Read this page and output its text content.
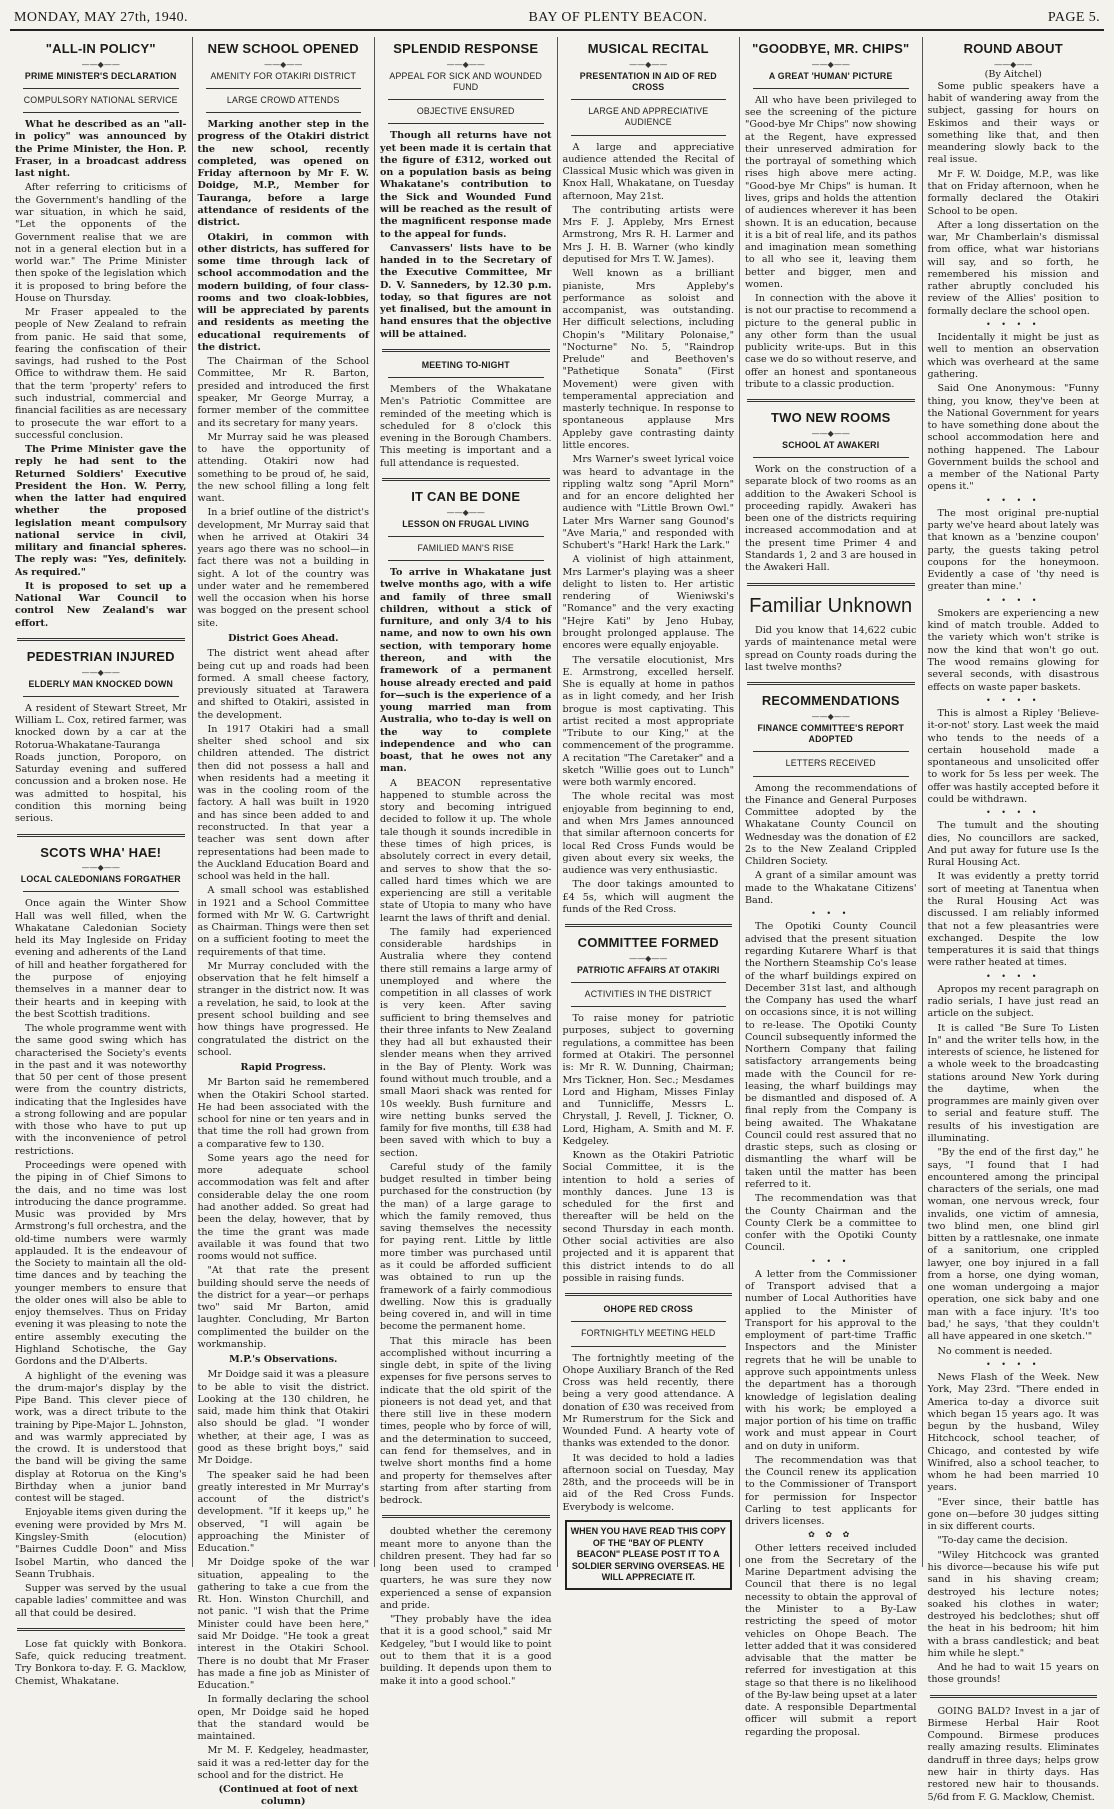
MONDAY, MAY 27th, 1940.	BAY OF PLENTY BEACON.	PAGE 5.
"ALL-IN POLICY"
——◆——
PRIME MINISTER'S DECLARATION
COMPULSORY NATIONAL SERVICE

What he described as an "all-in policy" was announced by the Prime Minister, the Hon. P. Fraser, in a broadcast address last night.

After referring to criticisms of the Government's handling of the war situation, in which he said, "Let the opponents of the Government realise that we are not in a general election but in a world war." The Prime Minister then spoke of the legislation which it is proposed to bring before the House on Thursday.

Mr Fraser appealed to the people of New Zealand to refrain from panic. He said that some, fearing the confiscation of their savings, had rushed to the Post Office to withdraw them. He said that the term 'property' refers to such industrial, commercial and financial facilities as are necessary to prosecute the war effort to a successful conclusion.

The Prime Minister gave the reply he had sent to the Returned Soldiers' Executive President the Hon. W. Perry, when the latter had enquired whether the proposed legislation meant compulsory national service in civil, military and financial spheres. The reply was: "Yes, definitely. As required."

It is proposed to set up a National War Council to control New Zealand's war effort.

PEDESTRIAN INJURED
——◆——
ELDERLY MAN KNOCKED DOWN

A resident of Stewart Street, Mr William L. Cox, retired farmer, was knocked down by a car at the Rotorua-Whakatane-Tauranga Roads junction, Poroporo, on Saturday evening and suffered concussion and a broken nose. He was admitted to hospital, his condition this morning being serious.

SCOTS WHA' HAE!
——◆——
LOCAL CALEDONIANS FORGATHER

Once again the Winter Show Hall was well filled, when the Whakatane Caledonian Society held its May Ingleside on Friday evening and adherents of the Land of hill and heather forgathered for the purpose of enjoying themselves in a manner dear to their hearts and in keeping with the best Scottish traditions.

The whole programme went with the same good swing which has characterised the Society's events in the past and it was noteworthy that 50 per cent of those present were from the country districts, indicating that the Inglesides have a strong following and are popular with those who have to put up with the inconvenience of petrol restrictions.

Proceedings were opened with the piping in of Chief Simons to the dais, and no time was lost introducing the dance programme. Music was provided by Mrs Armstrong's full orchestra, and the old-time numbers were warmly applauded. It is the endeavour of the Society to maintain all the old-time dances and by teaching the younger members to ensure that the older ones will also be able to enjoy themselves. Thus on Friday evening it was pleasing to note the entire assembly executing the Highland Schotische, the Gay Gordons and the D'Alberts.

A highlight of the evening was the drum-major's display by the Pipe Band. This clever piece of work, was a direct tribute to the training by Pipe-Major L. Johnston, and was warmly appreciated by the crowd. It is understood that the band will be giving the same display at Rotorua on the King's Birthday when a junior band contest will be staged.

Enjoyable items given during the evening were provided by Mrs M. Kingsley-Smith (elocution) "Bairnes Cuddle Doon" and Miss Isobel Martin, who danced the Seann Trubhais.

Supper was served by the usual capable ladies' committee and was all that could be desired.

Lose fat quickly with Bonkora. Safe, quick reducing treatment. Try Bonkora to-day. F. G. Macklow, Chemist, Whakatane.

NEW SCHOOL OPENED
——◆——
AMENITY FOR OTAKIRI DISTRICT
LARGE CROWD ATTENDS

Marking another step in the progress of the Otakiri district the new school, recently completed, was opened on Friday afternoon by Mr F. W. Doidge, M.P., Member for Tauranga, before a large attendance of residents of the district.

Otakiri, in common with other districts, has suffered for some time through lack of school accommodation and the modern building, of four class-rooms and two cloak-lobbies, will be appreciated by parents and residents as meeting the educational requirements of the district.

The Chairman of the School Committee, Mr R. Barton, presided and introduced the first speaker, Mr George Murray, a former member of the committee and its secretary for many years.

Mr Murray said he was pleased to have the opportunity of attending. Otakiri now had something to be proud of, he said, the new school filling a long felt want.

In a brief outline of the district's development, Mr Murray said that when he arrived at Otakiri 34 years ago there was no school—in fact there was not a building in sight. A lot of the country was under water and he remembered well the occasion when his horse was bogged on the present school site.

District Goes Ahead.

The district went ahead after being cut up and roads had been formed. A small cheese factory, previously situated at Tarawera and shifted to Otakiri, assisted in the development.

In 1917 Otakiri had a small shelter shed school and six children attended. The district then did not possess a hall and when residents had a meeting it was in the cooling room of the factory. A hall was built in 1920 and has since been added to and reconstructed. In that year a teacher was sent down after representations had been made to the Auckland Education Board and school was held in the hall.

A small school was established in 1921 and a School Committee formed with Mr W. G. Cartwright as Chairman. Things were then set on a sufficient footing to meet the requirements of that time.

Mr Murray concluded with the observation that he felt himself a stranger in the district now. It was a revelation, he said, to look at the present school building and see how things have progressed. He congratulated the district on the school.

Rapid Progress.

Mr Barton said he remembered when the Otakiri School started. He had been associated with the school for nine or ten years and in that time the roll had grown from a comparative few to 130.

Some years ago the need for more adequate school accommodation was felt and after considerable delay the one room had another added. So great had been the delay, however, that by the time the grant was made available it was found that two rooms would not suffice.

"At that rate the present building should serve the needs of the district for a year—or perhaps two" said Mr Barton, amid laughter. Concluding, Mr Barton complimented the builder on the workmanship.

M.P.'s Observations.

Mr Doidge said it was a pleasure to be able to visit the district. Looking at the 130 children, he said, made him think that Otakiri also should be glad. "I wonder whether, at their age, I was as good as these bright boys," said Mr Doidge.

The speaker said he had been greatly interested in Mr Murray's account of the district's development. "If it keeps up," he observed, "I will again be approaching the Minister of Education."

Mr Doidge spoke of the war situation, appealing to the gathering to take a cue from the Rt. Hon. Winston Churchill, and not panic. "I wish that the Prime Minister could have been here," said Mr Doidge. "He took a great interest in the Otakiri School. There is no doubt that Mr Fraser has made a fine job as Minister of Education."

In formally declaring the school open, Mr Doidge said he hoped that the standard would be maintained.

Mr M. F. Kedgeley, headmaster, said it was a red-letter day for the school and for the district. He

(Continued at foot of next column)

SPLENDID RESPONSE
——◆——
APPEAL FOR SICK AND WOUNDED FUND
OBJECTIVE ENSURED

Though all returns have not yet been made it is certain that the figure of £312, worked out on a population basis as being Whakatane's contribution to the Sick and Wounded Fund will be reached as the result of the magnificent response made to the appeal for funds.

Canvassers' lists have to be handed in to the Secretary of the Executive Committee, Mr D. V. Sanneders, by 12.30 p.m. today, so that figures are not yet finalised, but the amount in hand ensures that the objective will be attained.

MEETING TO-NIGHT

Members of the Whakatane Men's Patriotic Committee are reminded of the meeting which is scheduled for 8 o'clock this evening in the Borough Chambers. This meeting is important and a full attendance is requested.

IT CAN BE DONE
——◆——
LESSON ON FRUGAL LIVING
FAMILIED MAN'S RISE

To arrive in Whakatane just twelve months ago, with a wife and family of three small children, without a stick of furniture, and only 3/4 to his name, and now to own his own section, with temporary home thereon, and with the framework of a permanent house already erected and paid for—such is the experience of a young married man from Australia, who to-day is well on the way to complete independence and who can boast, that he owes not any man.

A BEACON representative happened to stumble across the story and becoming intrigued decided to follow it up. The whole tale though it sounds incredible in these times of high prices, is absolutely correct in every detail, and serves to show that the so-called hard times which we are experiencing are still a veritable state of Utopia to many who have learnt the laws of thrift and denial.

The family had experienced considerable hardships in Australia where they contend there still remains a large army of unemployed and where the competition in all classes of work is very keen. After saving sufficient to bring themselves and their three infants to New Zealand they had all but exhausted their slender means when they arrived in the Bay of Plenty. Work was found without much trouble, and a small Maori shack was rented for 10s weekly. Bush furniture and wire netting bunks served the family for five months, till £38 had been saved with which to buy a section.

Careful study of the family budget resulted in timber being purchased for the construction (by the man) of a large garage to which the family removed, thus saving themselves the necessity for paying rent. Little by little more timber was purchased until as it could be afforded sufficient was obtained to run up the framework of a fairly commodious dwelling. Now this is gradually being covered in, and will in time become the permanent home.

That this miracle has been accomplished without incurring a single debt, in spite of the living expenses for five persons serves to indicate that the old spirit of the pioneers is not dead yet, and that there still live in these modern times, people who by force of will, and the determination to succeed, can fend for themselves, and in twelve short months find a home and property for themselves after starting from after starting from bedrock.

doubted whether the ceremony meant more to anyone than the children present. They had far so long been used to cramped quarters, he was sure they now experienced a sense of expansion and pride.

"They probably have the idea that it is a good school," said Mr Kedgeley, "but I would like to point out to them that it is a good building. It depends upon them to make it into a good school."

MUSICAL RECITAL
——◆——
PRESENTATION IN AID OF RED CROSS
LARGE AND APPRECIATIVE AUDIENCE

A large and appreciative audience attended the Recital of Classical Music which was given in Knox Hall, Whakatane, on Tuesday afternoon, May 21st.

The contributing artists were Mrs F. J. Appleby, Mrs Ernest Armstrong, Mrs R. H. Larmer and Mrs J. H. B. Warner (who kindly deputised for Mrs T. W. James).

Well known as a brilliant pianiste, Mrs Appleby's performance as soloist and accompanist, was outstanding. Her difficult selections, including Chopin's "Military Polonaise," "Nocturne" No. 5, "Raindrop Prelude" and Beethoven's "Pathetique Sonata" (First Movement) were given with temperamental appreciation and masterly technique. In response to spontaneous applause Mrs Appleby gave contrasting dainty little encores.

Mrs Warner's sweet lyrical voice was heard to advantage in the rippling waltz song "April Morn" and for an encore delighted her audience with "Little Brown Owl." Later Mrs Warner sang Gounod's "Ave Maria," and responded with Schubert's "Hark! Hark the Lark."

A violinist of high attainment, Mrs Larmer's playing was a sheer delight to listen to. Her artistic rendering of Wieniwski's "Romance" and the very exacting "Hejre Kati" by Jeno Hubay, brought prolonged applause. The encores were equally enjoyable.

The versatile elocutionist, Mrs E. Armstrong, excelled herself. She is equally at home in pathos as in light comedy, and her Irish brogue is most captivating. This artist recited a most appropriate "Tribute to our King," at the commencement of the programme. A recitation "The Caretaker" and a sketch "Willie goes out to Lunch" were both warmly encored.

The whole recital was most enjoyable from beginning to end, and when Mrs James announced that similar afternoon concerts for local Red Cross Funds would be given about every six weeks, the audience was very enthusiastic.

The door takings amounted to £4 5s, which will augment the funds of the Red Cross.

COMMITTEE FORMED
——◆——
PATRIOTIC AFFAIRS AT OTAKIRI
ACTIVITIES IN THE DISTRICT

To raise money for patriotic purposes, subject to governing regulations, a committee has been formed at Otakiri. The personnel is: Mr R. W. Dunning, Chairman; Mrs Tickner, Hon. Sec.; Mesdames Lord and Higham, Misses Finlay and Tunnicliffe, Messrs L. Chrystall, J. Revell, J. Tickner, O. Lord, Higham, A. Smith and M. F. Kedgeley.

Known as the Otakiri Patriotic Social Committee, it is the intention to hold a series of monthly dances. June 13 is scheduled for the first and thereafter will be held on the second Thursday in each month. Other social activities are also projected and it is apparent that this district intends to do all possible in raising funds.

OHOPE RED CROSS
FORTNIGHTLY MEETING HELD

The fortnightly meeting of the Ohope Auxiliary Branch of the Red Cross was held recently, there being a very good attendance. A donation of £30 was received from Mr Rumerstrum for the Sick and Wounded Fund. A hearty vote of thanks was extended to the donor.

It was decided to hold a ladies afternoon social on Tuesday, May 28th, and the proceeds will be in aid of the Red Cross Funds. Everybody is welcome.

WHEN YOU HAVE READ THIS COPY OF THE "BAY OF PLENTY BEACON" PLEASE POST IT TO A SOLDIER SERVING OVERSEAS. HE WILL APPRECIATE IT.
"GOODBYE, MR. CHIPS"
——◆——
A GREAT 'HUMAN' PICTURE

All who have been privileged to see the screening of the picture "Good-bye Mr Chips" now showing at the Regent, have expressed their unreserved admiration for the portrayal of something which rises high above mere acting. "Good-bye Mr Chips" is human. It lives, grips and holds the attention of audiences wherever it has been shown. It is an education, because it is a bit of real life, and its pathos and imagination mean something to all who see it, leaving them better and bigger, men and women.

In connection with the above it is not our practise to recommend a picture to the general public in any other form than the usual publicity write-ups. But in this case we do so without reserve, and offer an honest and spontaneous tribute to a classic production.

TWO NEW ROOMS
——◆——
SCHOOL AT AWAKERI

Work on the construction of a separate block of two rooms as an addition to the Awakeri School is proceeding rapidly. Awakeri has been one of the districts requiring increased accommodation and at the present time Primer 4 and Standards 1, 2 and 3 are housed in the Awakeri Hall.

Familiar Unknown

Did you know that 14,622 cubic yards of maintenance metal were spread on County roads during the last twelve months?

RECOMMENDATIONS
——◆——
FINANCE COMMITTEE'S REPORT ADOPTED
LETTERS RECEIVED

Among the recommendations of the Finance and General Purposes Committee adopted by the Whakatane County Council on Wednesday was the donation of £2 2s to the New Zealand Crippled Children Society.

A grant of a similar amount was made to the Whakatane Citizens' Band.

• • •

The Opotiki County Council advised that the present situation regarding Kutarere Wharf is that the Northern Steamship Co's lease of the wharf buildings expired on December 31st last, and although the Company has used the wharf on occasions since, it is not willing to re-lease. The Opotiki County Council subsequently informed the Northern Company that failing satisfactory arrangements being made with the Council for re-leasing, the wharf buildings may be dismantled and disposed of. A final reply from the Company is being awaited. The Whakatane Council could rest assured that no drastic steps, such as closing or dismantling the wharf will be taken until the matter has been referred to it.

The recommendation was that the County Chairman and the County Clerk be a committee to confer with the Opotiki County Council.

• • •

A letter from the Commissioner of Transport advised that a number of Local Authorities have applied to the Minister of Transport for his approval to the employment of part-time Traffic Inspectors and the Minister regrets that he will be unable to approve such appointments unless the department has a thorough knowledge of legislation dealing with his work; be employed a major portion of his time on traffic work and must appear in Court and on duty in uniform.

The recommendation was that the Council renew its application to the Commissioner of Transport for permission for Inspector Carling to test applicants for drivers licenses.

✿ ✿ ✿

Other letters received included one from the Secretary of the Marine Department advising the Council that there is no legal necessity to obtain the approval of the Minister to a By-Law restricting the speed of motor vehicles on Ohope Beach. The letter added that it was considered advisable that the matter be referred for investigation at this stage so that there is no likelihood of the By-law being upset at a later date. A responsible Departmental officer will submit a report regarding the proposal.

ROUND ABOUT
——◆——
(By Aitchel)

Some public speakers have a habit of wandering away from the subject, gassing for hours on Eskimos and their ways or something like that, and then meandering slowly back to the real issue.

Mr F. W. Doidge, M.P., was like that on Friday afternoon, when he formally declared the Otakiri School to be open.

After a long dissertation on the war, Mr Chamberlain's dismissal from office, what war historians will say, and so forth, he remembered his mission and rather abruptly concluded his review of the Allies' position to formally declare the school open.

• • • •

Incidentally it might be just as well to mention an observation which was overheard at the same gathering.

Said One Anonymous: "Funny thing, you know, they've been at the National Government for years to have something done about the school accommodation here and nothing happened. The Labour Government builds the school and a member of the National Party opens it."

• • • •

The most original pre-nuptial party we've heard about lately was that known as a 'benzine coupon' party, the guests taking petrol coupons for the honeymoon. Evidently a case of 'thy need is greater than mine.'

• • • •

Smokers are experiencing a new kind of match trouble. Added to the variety which won't strike is now the kind that won't go out. The wood remains glowing for several seconds, with disastrous effects on waste paper baskets.

• • • •

This is almost a Ripley 'Believe-it-or-not' story. Last week the maid who tends to the needs of a certain household made a spontaneous and unsolicited offer to work for 5s less per week. The offer was hastily accepted before it could be withdrawn.

• • • •

The tumult and the shouting dies, No councillors are sacked, And put away for future use Is the Rural Housing Act.

It was evidently a pretty torrid sort of meeting at Tanentua when the Rural Housing Act was discussed. I am reliably informed that not a few pleasantries were exchanged. Despite the low temperatures it is said that things were rather heated at times.

• • • •

Apropos my recent paragraph on radio serials, I have just read an article on the subject.

It is called "Be Sure To Listen In" and the writer tells how, in the interests of science, he listened for a whole week to the broadcasting stations around New York during the daytime, when the programmes are mainly given over to serial and feature stuff. The results of his investigation are illuminating.

"By the end of the first day," he says, "I found that I had encountered among the principal characters of the serials, one mad woman, one nervous wreck, four invalids, one victim of amnesia, two blind men, one blind girl bitten by a rattlesnake, one inmate of a sanitorium, one crippled lawyer, one boy injured in a fall from a horse, one dying woman, one woman undergoing a major operation, one sick baby and one man with a face injury. 'It's too bad,' he says, 'that they couldn't all have appeared in one sketch.'"

No comment is needed.

• • • •

News Flash of the Week. New York, May 23rd. "There ended in America to-day a divorce suit which began 15 years ago. It was begun by the husband, Wiley Hitchcock, school teacher, of Chicago, and contested by wife Winifred, also a school teacher, to whom he had been married 10 years.

"Ever since, their battle has gone on—before 30 judges sitting in six different courts.

"To-day came the decision.

"Wiley Hitchcock was granted his divorce—because his wife put sand in his shaving cream; destroyed his lecture notes; soaked his clothes in water; destroyed his bedclothes; shut off the heat in his bedroom; hit him with a brass candlestick; and beat him while he slept."

And he had to wait 15 years on those grounds!

GOING BALD? Invest in a jar of Birmese Herbal Hair Root Compound. Birmese produces really amazing results. Eliminates dandruff in three days; helps grow new hair in thirty days. Has restored new hair to thousands. 5/6d from F. G. Macklow, Chemist.
